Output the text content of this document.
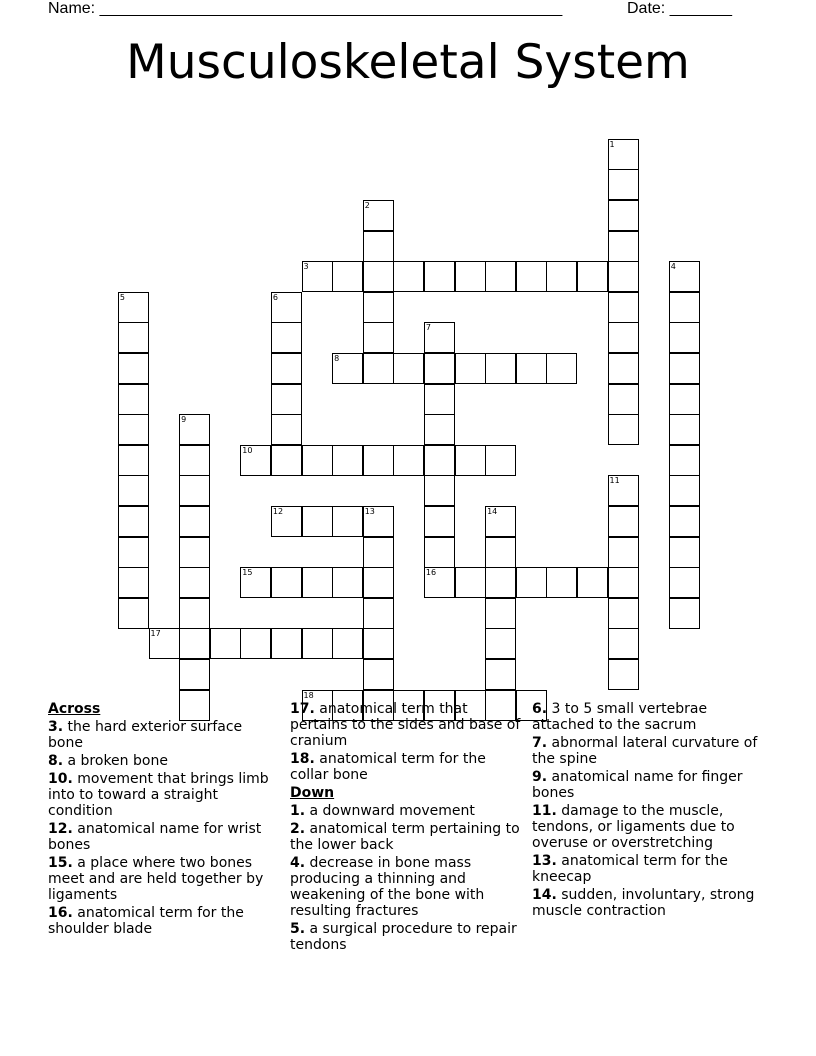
Name: ____________________________________________________	Date: _______
Musculoskeletal System
1
2
3	4
5	6
7
8
9
10
11
12	13	14
15	16
17
18
Across
3. the hard exterior surface bone
8. a broken bone
10. movement that brings limb into to toward a straight condition
12. anatomical name for wrist bones
15. a place where two bones meet and are held together by ligaments
16. anatomical term for the shoulder blade
17. anatomical term that pertains to the sides and base of cranium
18. anatomical term for the collar bone
Down
1. a downward movement
2. anatomical term pertaining to the lower back
4. decrease in bone mass producing a thinning and weakening of the bone with resulting fractures
5. a surgical procedure to repair tendons
6. 3 to 5 small vertebrae attached to the sacrum
7. abnormal lateral curvature of the spine
9. anatomical name for finger bones
11. damage to the muscle, tendons, or ligaments due to overuse or overstretching
13. anatomical term for the kneecap
14. sudden, involuntary, strong muscle contraction
